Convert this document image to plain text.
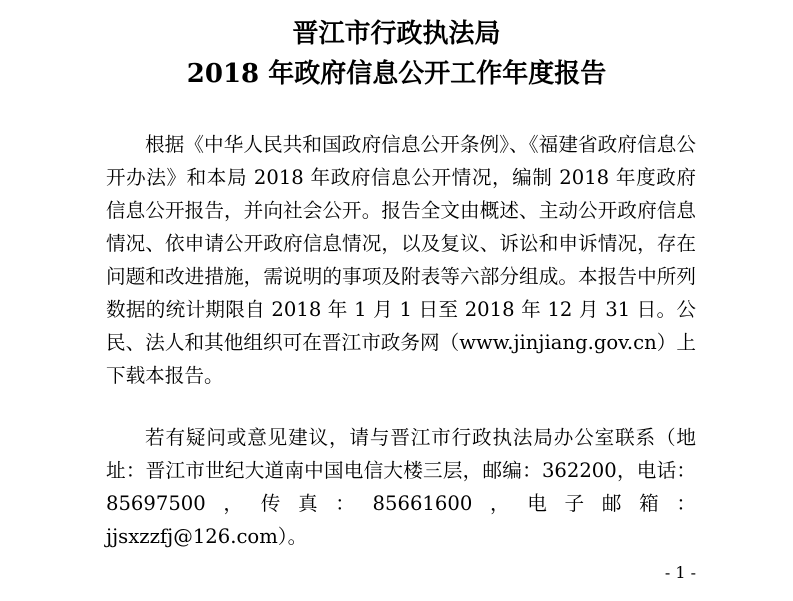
晋江市行政执法局
2018 年政府信息公开工作年度报告

根据《中华人民共和国政府信息公开条例》、《福建省政府信息公开办法》和本局 2018 年政府信息公开情况，编制 2018 年度政府信息公开报告，并向社会公开。报告全文由概述、主动公开政府信息情况、依申请公开政府信息情况，以及复议、诉讼和申诉情况，存在问题和改进措施，需说明的事项及附表等六部分组成。本报告中所列数据的统计期限自 2018 年 1 月 1 日至 2018 年 12 月 31 日。公民、法人和其他组织可在晋江市政务网（www.jinjiang.gov.cn）上下载本报告。

若有疑问或意见建议，请与晋江市行政执法局办公室联系（地址：晋江市世纪大道南中国电信大楼三层，邮编：362200，电话：85697500，传真：85661600，电子邮箱：jjsxzzfj@126.com）。

- 1 -
